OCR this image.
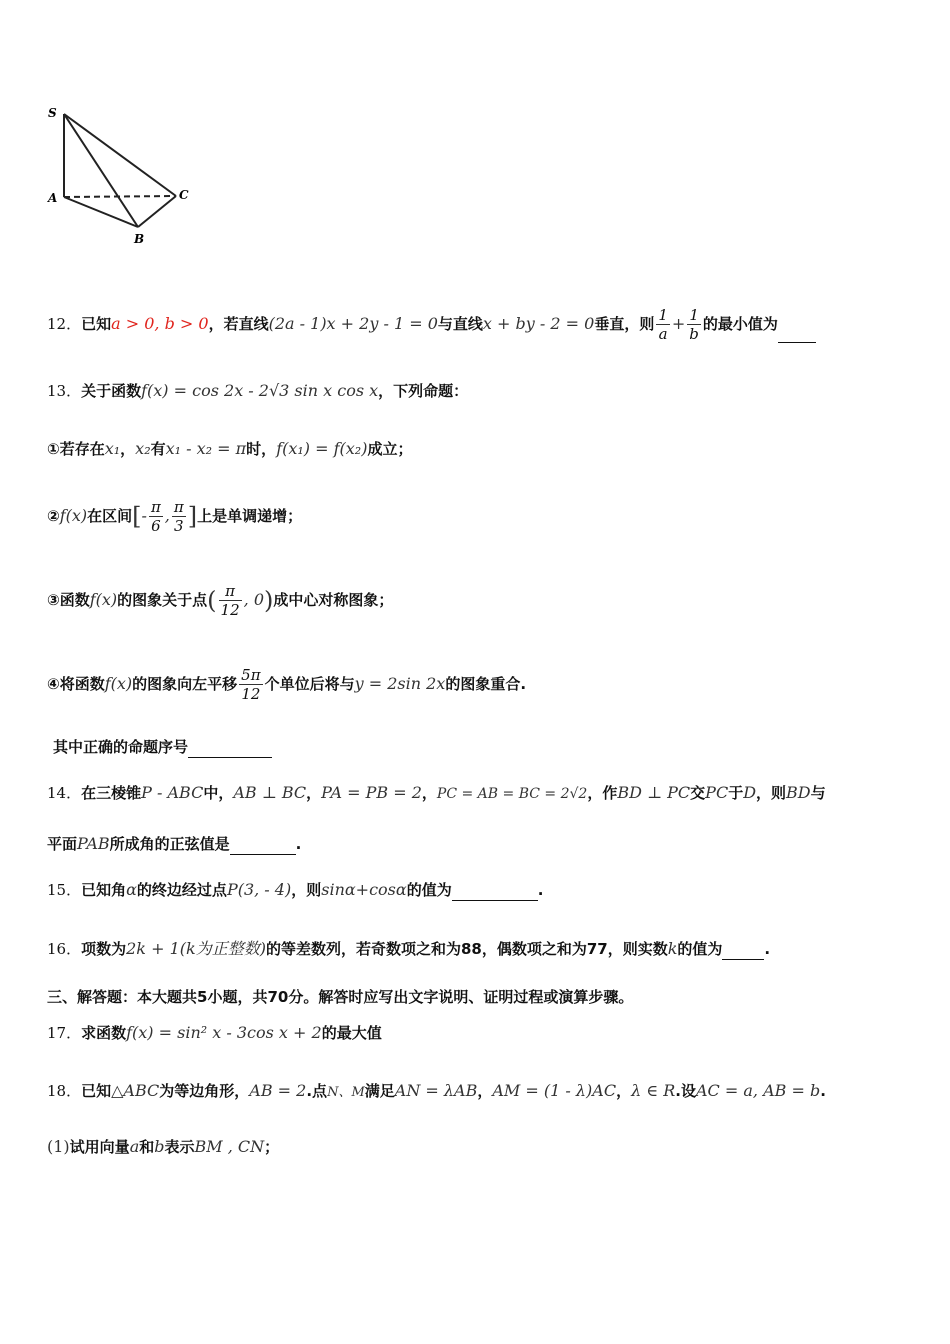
S
A
B
C
12．已知a > 0, b > 0，若直线(2a - 1)x + 2y - 1 = 0与直线x + by - 2 = 0垂直，则 $\frac{1}{a} + \frac{1}{b}$ 的最小值为
13．关于函数f(x) = cos 2x - 2√3 sin x cos x，下列命题：
①若存在x₁，x₂有x₁ - x₂ = π时，f(x₁) = f(x₂)成立；
②f(x)在区间[- $\frac{\pi}{6}$ , $\frac{\pi}{3}$ ]上是单调递增；
③函数f(x)的图象关于点( $\frac{\pi}{12}$ , 0)成中心对称图象；
④将函数f(x)的图象向左平移 $\frac{5\pi}{12}$ 个单位后将与y = 2sin 2x的图象重合.
其中正确的命题序号
14．在三棱锥P - ABC中，AB ⊥ BC，PA = PB = 2，PC = AB = BC = 2√2，作BD ⊥ PC交PC于D，则BD与
平面PAB所成角的正弦值是	.
15．已知角α的终边经过点P(3, - 4)，则sinα+cosα的值为	.
16．项数为2k + 1(k为正整数)的等差数列，若奇数项之和为88，偶数项之和为77，则实数k的值为	.
三、解答题：本大题共5小题，共70分。解答时应写出文字说明、证明过程或演算步骤。
17．求函数f(x) = sin² x - 3cos x + 2的最大值
18．已知△ABC为等边角形，AB = 2.点N、M满足AN = λAB，AM = (1 - λ)AC，λ ∈ R.设AC = a, AB = b.
(1)试用向量a和b表示BM , CN；
